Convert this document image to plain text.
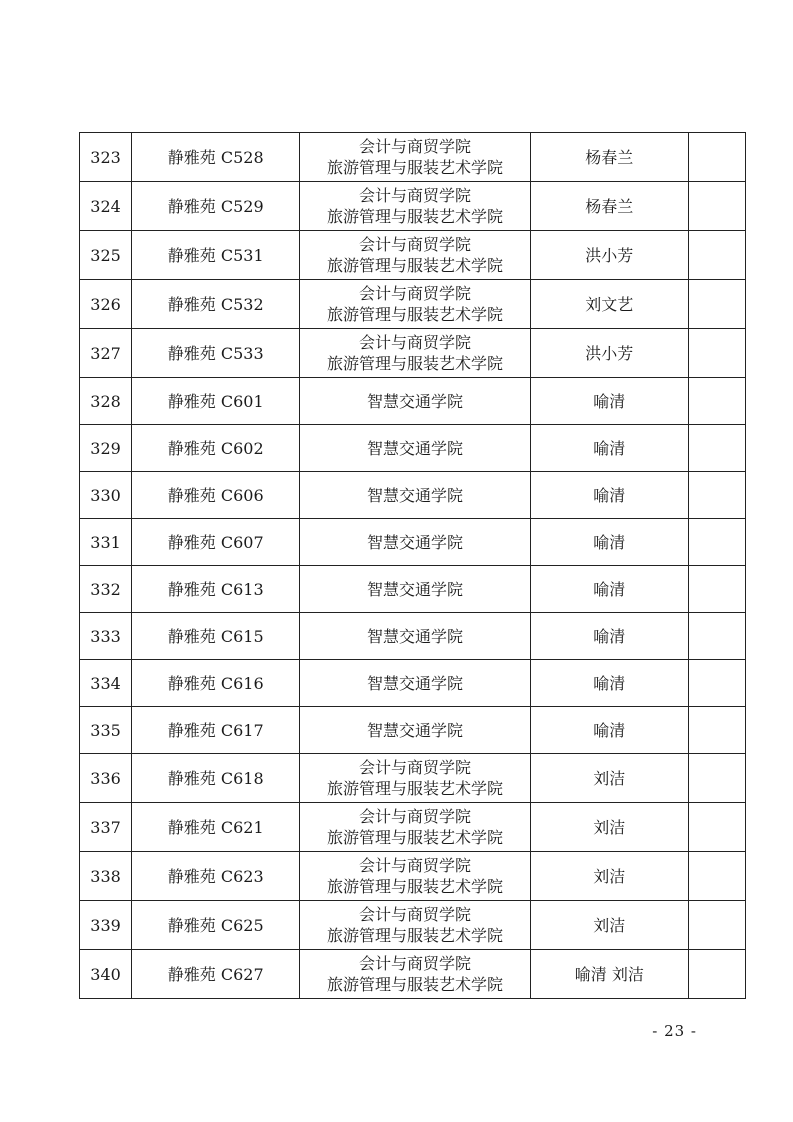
323	静雅苑 C528	会计与商贸学院
旅游管理与服装艺术学院	杨春兰	
324	静雅苑 C529	会计与商贸学院
旅游管理与服装艺术学院	杨春兰	
325	静雅苑 C531	会计与商贸学院
旅游管理与服装艺术学院	洪小芳	
326	静雅苑 C532	会计与商贸学院
旅游管理与服装艺术学院	刘文艺	
327	静雅苑 C533	会计与商贸学院
旅游管理与服装艺术学院	洪小芳	
328	静雅苑 C601	智慧交通学院	喻清	
329	静雅苑 C602	智慧交通学院	喻清	
330	静雅苑 C606	智慧交通学院	喻清	
331	静雅苑 C607	智慧交通学院	喻清	
332	静雅苑 C613	智慧交通学院	喻清	
333	静雅苑 C615	智慧交通学院	喻清	
334	静雅苑 C616	智慧交通学院	喻清	
335	静雅苑 C617	智慧交通学院	喻清	
336	静雅苑 C618	会计与商贸学院
旅游管理与服装艺术学院	刘洁	
337	静雅苑 C621	会计与商贸学院
旅游管理与服装艺术学院	刘洁	
338	静雅苑 C623	会计与商贸学院
旅游管理与服装艺术学院	刘洁	
339	静雅苑 C625	会计与商贸学院
旅游管理与服装艺术学院	刘洁	
340	静雅苑 C627	会计与商贸学院
旅游管理与服装艺术学院	喻清 刘洁	
- 23 -
